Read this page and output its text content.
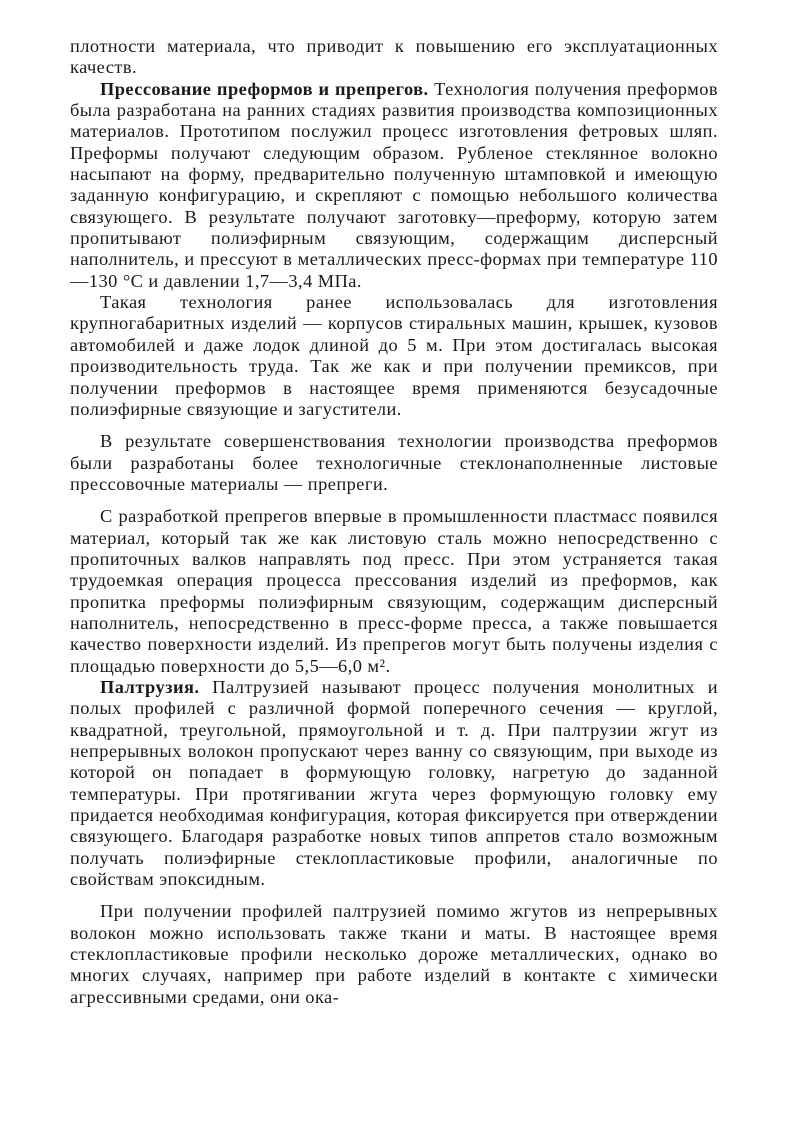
плотности материала, что приводит к повышению его эксплуатационных качеств.

Прессование преформов и препрегов. Технология получения преформов была разработана на ранних стадиях развития производства композиционных материалов. Прототипом послужил процесс изготовления фетровых шляп. Преформы получают следующим образом. Рубленое стеклянное волокно насыпают на форму, предварительно полученную штамповкой и имеющую заданную конфигурацию, и скрепляют с помощью небольшого количества связующего. В результате получают заготовку—преформу, которую затем пропитывают полиэфирным связующим, содержащим дисперсный наполнитель, и прессуют в металлических пресс-формах при температуре 110—130 °С и давлении 1,7—3,4 МПа.

Такая технология ранее использовалась для изготовления крупногабаритных изделий — корпусов стиральных машин, крышек, кузовов автомобилей и даже лодок длиной до 5 м. При этом достигалась высокая производительность труда. Так же как и при получении премиксов, при получении преформов в настоящее время применяются безусадочные полиэфирные связующие и загустители.

В результате совершенствования технологии производства преформов были разработаны более технологичные стеклонаполненные листовые прессовочные материалы — препреги.

С разработкой препрегов впервые в промышленности пластмасс появился материал, который так же как листовую сталь можно непосредственно с пропиточных валков направлять под пресс. При этом устраняется такая трудоемкая операция процесса прессования изделий из преформов, как пропитка преформы полиэфирным связующим, содержащим дисперсный наполнитель, непосредственно в пресс-форме пресса, а также повышается качество поверхности изделий. Из препрегов могут быть получены изделия с площадью поверхности до 5,5—6,0 м².

Палтрузия. Палтрузией называют процесс получения монолитных и полых профилей с различной формой поперечного сечения — круглой, квадратной, треугольной, прямоугольной и т. д. При палтрузии жгут из непрерывных волокон пропускают через ванну со связующим, при выходе из которой он попадает в формующую головку, нагретую до заданной температуры. При протягивании жгута через формующую головку ему придается необходимая конфигурация, которая фиксируется при отверждении связующего. Благодаря разработке новых типов аппретов стало возможным получать полиэфирные стеклопластиковые профили, аналогичные по свойствам эпоксидным.

При получении профилей палтрузией помимо жгутов из непрерывных волокон можно использовать также ткани и маты. В настоящее время стеклопластиковые профили несколько дороже металлических, однако во многих случаях, например при работе изделий в контакте с химически агрессивными средами, они ока-
